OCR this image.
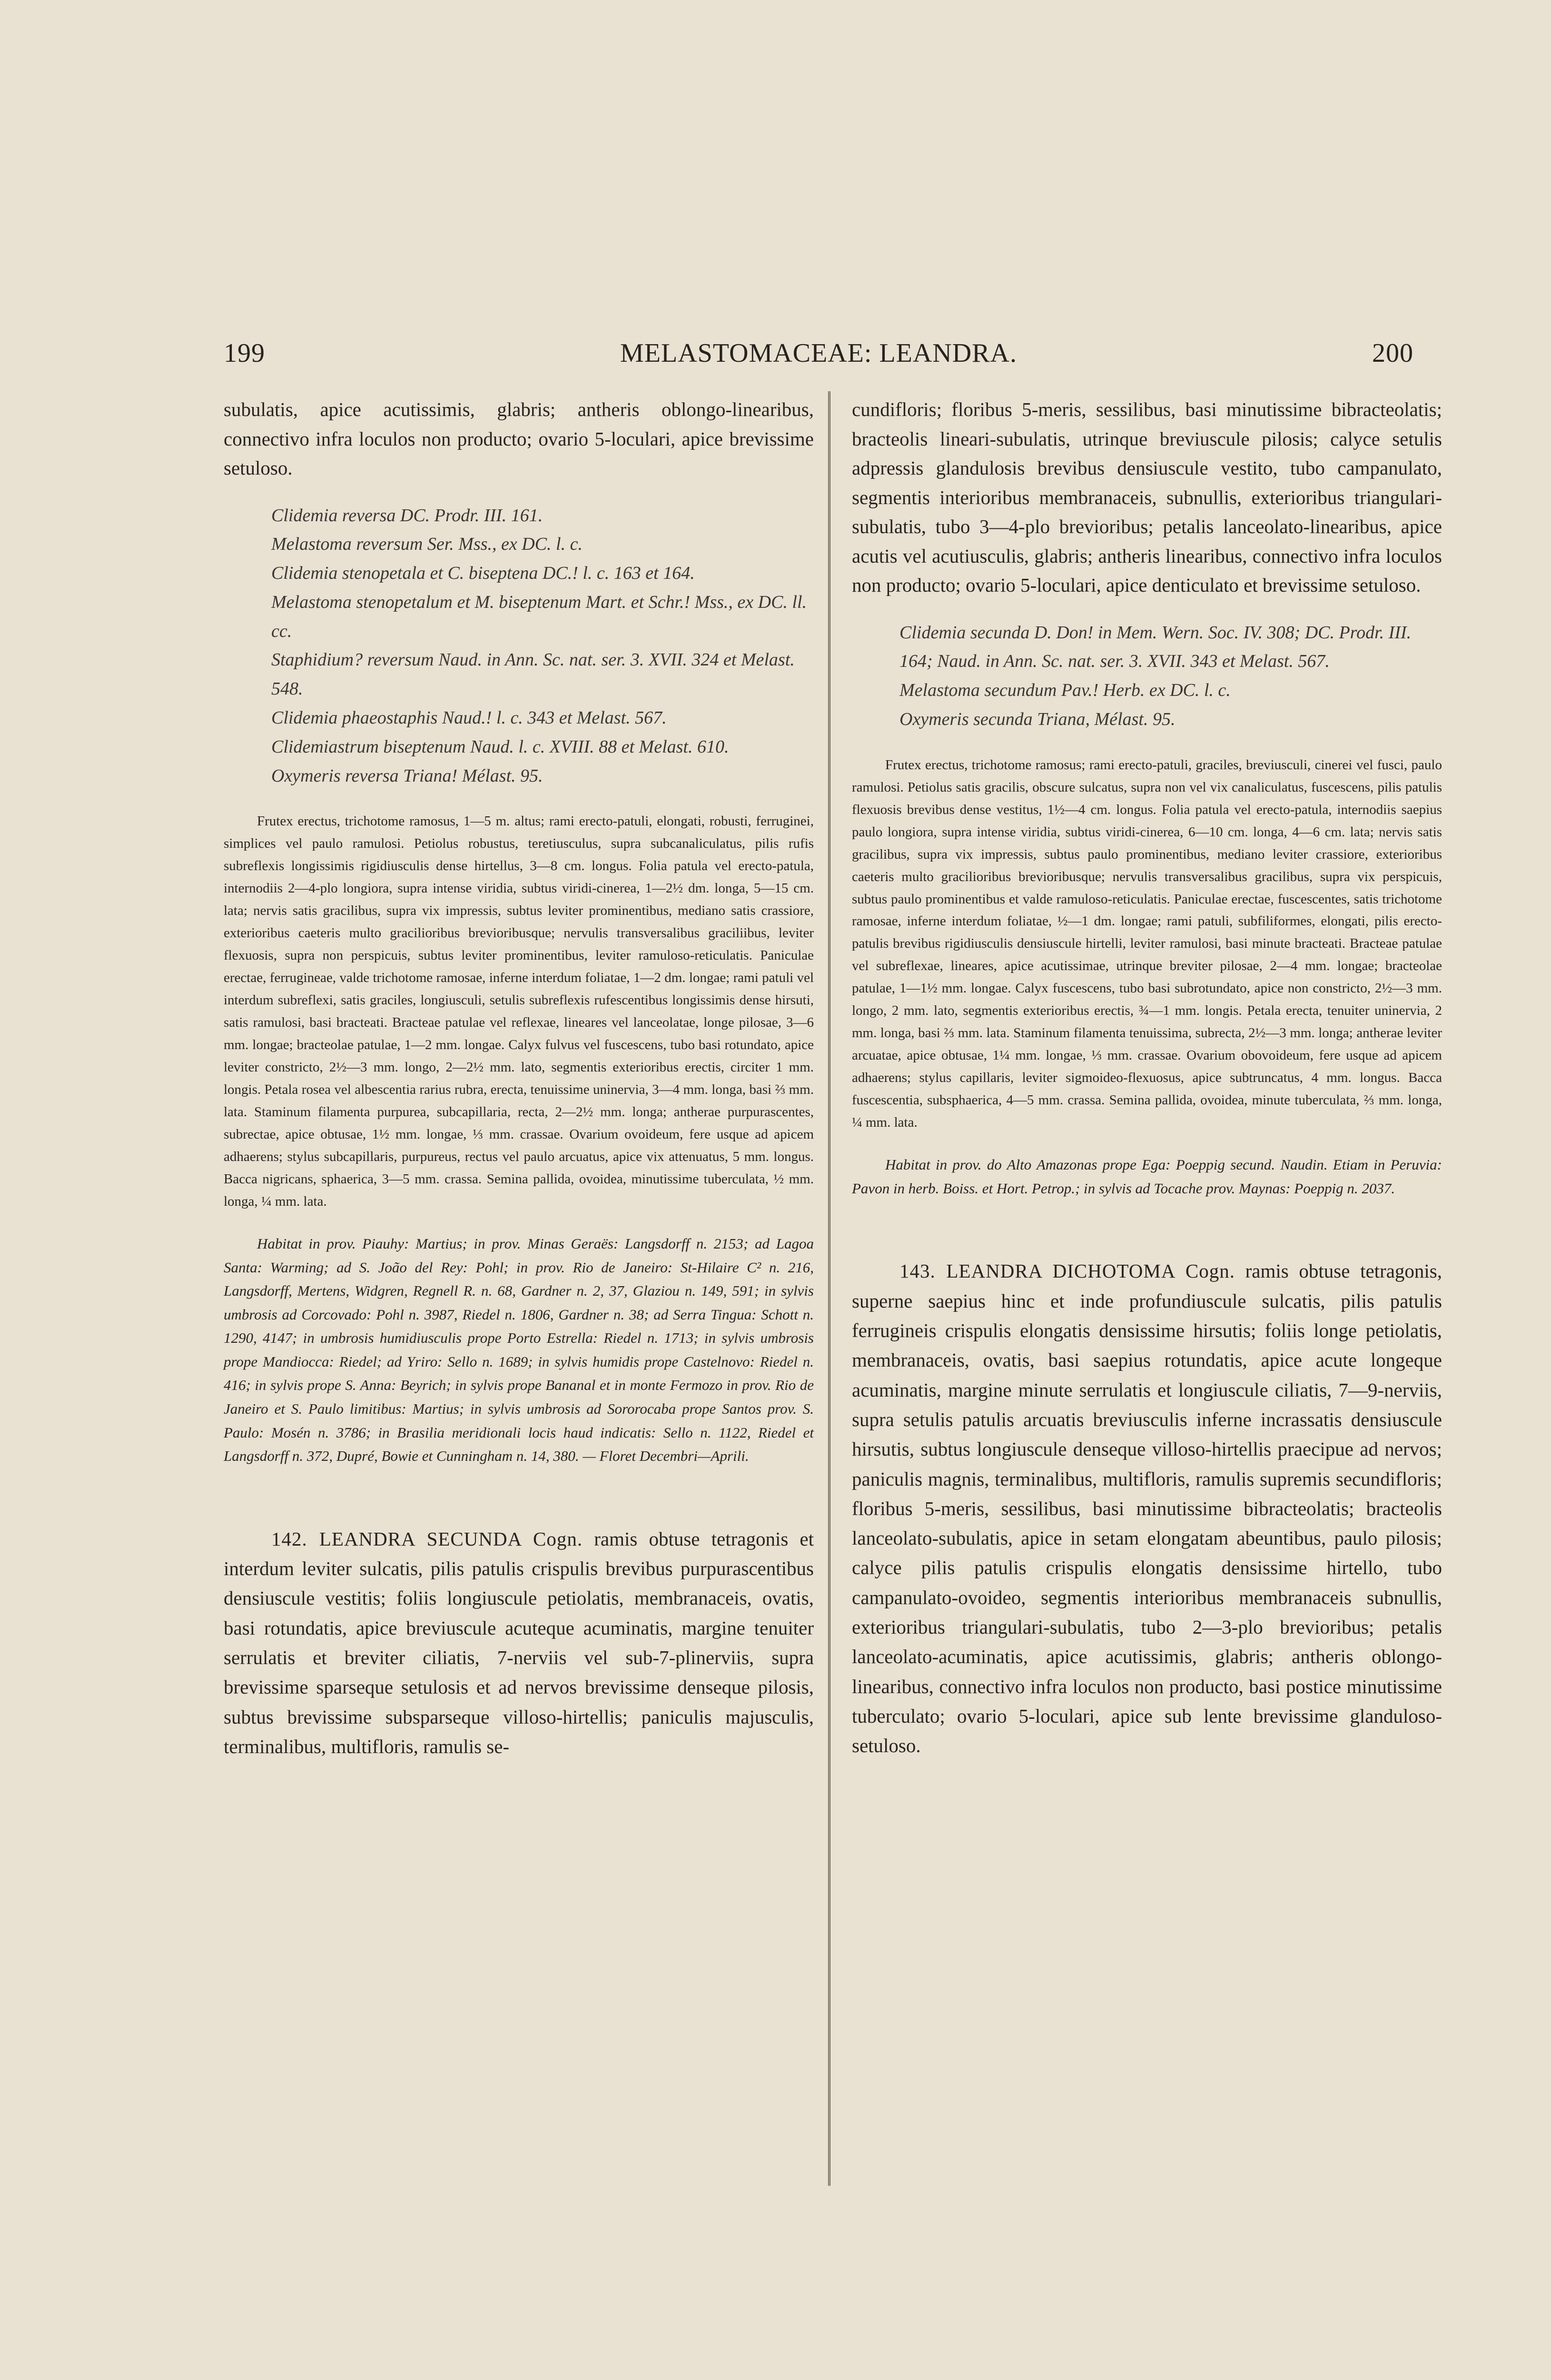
199	MELASTOMACEAE: LEANDRA.	200

subulatis, apice acutissimis, glabris; antheris oblongo-linearibus, connectivo infra loculos non producto; ovario 5-loculari, apice brevissime setuloso.

Clidemia reversa DC. Prodr. III. 161.

Melastoma reversum Ser. Mss., ex DC. l. c.

Clidemia stenopetala et C. biseptena DC.! l. c. 163 et 164.

Melastoma stenopetalum et M. biseptenum Mart. et Schr.! Mss., ex DC. ll. cc.

Staphidium? reversum Naud. in Ann. Sc. nat. ser. 3. XVII. 324 et Melast. 548.

Clidemia phaeostaphis Naud.! l. c. 343 et Melast. 567.

Clidemiastrum biseptenum Naud. l. c. XVIII. 88 et Melast. 610.

Oxymeris reversa Triana! Mélast. 95.

Frutex erectus, trichotome ramosus, 1—5 m. altus; rami erecto-patuli, elongati, robusti, ferruginei, simplices vel paulo ramulosi. Petiolus robustus, teretiusculus, supra subcanaliculatus, pilis rufis subreflexis longissimis rigidiusculis dense hirtellus, 3—8 cm. longus. Folia patula vel erecto-patula, internodiis 2—4-plo longiora, supra intense viridia, subtus viridi-cinerea, 1—2½ dm. longa, 5—15 cm. lata; nervis satis gracilibus, supra vix impressis, subtus leviter prominentibus, mediano satis crassiore, exterioribus caeteris multo gracilioribus brevioribusque; nervulis transversalibus graciliibus, leviter flexuosis, supra non perspicuis, subtus leviter prominentibus, leviter ramuloso-reticulatis. Paniculae erectae, ferrugineae, valde trichotome ramosae, inferne interdum foliatae, 1—2 dm. longae; rami patuli vel interdum subreflexi, satis graciles, longiusculi, setulis subreflexis rufescentibus longissimis dense hirsuti, satis ramulosi, basi bracteati. Bracteae patulae vel reflexae, lineares vel lanceolatae, longe pilosae, 3—6 mm. longae; bracteolae patulae, 1—2 mm. longae. Calyx fulvus vel fuscescens, tubo basi rotundato, apice leviter constricto, 2½—3 mm. longo, 2—2½ mm. lato, segmentis exterioribus erectis, circiter 1 mm. longis. Petala rosea vel albescentia rarius rubra, erecta, tenuissime uninervia, 3—4 mm. longa, basi ⅔ mm. lata. Staminum filamenta purpurea, subcapillaria, recta, 2—2½ mm. longa; antherae purpurascentes, subrectae, apice obtusae, 1½ mm. longae, ⅓ mm. crassae. Ovarium ovoideum, fere usque ad apicem adhaerens; stylus subcapillaris, purpureus, rectus vel paulo arcuatus, apice vix attenuatus, 5 mm. longus. Bacca nigricans, sphaerica, 3—5 mm. crassa. Semina pallida, ovoidea, minutissime tuberculata, ½ mm. longa, ¼ mm. lata.

Habitat in prov. Piauhy: Martius; in prov. Minas Geraës: Langsdorff n. 2153; ad Lagoa Santa: Warming; ad S. João del Rey: Pohl; in prov. Rio de Janeiro: St-Hilaire C² n. 216, Langsdorff, Mertens, Widgren, Regnell R. n. 68, Gardner n. 2, 37, Glaziou n. 149, 591; in sylvis umbrosis ad Corcovado: Pohl n. 3987, Riedel n. 1806, Gardner n. 38; ad Serra Tingua: Schott n. 1290, 4147; in umbrosis humidiusculis prope Porto Estrella: Riedel n. 1713; in sylvis umbrosis prope Mandiocca: Riedel; ad Yriro: Sello n. 1689; in sylvis humidis prope Castelnovo: Riedel n. 416; in sylvis prope S. Anna: Beyrich; in sylvis prope Bananal et in monte Fermozo in prov. Rio de Janeiro et S. Paulo limitibus: Martius; in sylvis umbrosis ad Sororocaba prope Santos prov. S. Paulo: Mosén n. 3786; in Brasilia meridionali locis haud indicatis: Sello n. 1122, Riedel et Langsdorff n. 372, Dupré, Bowie et Cunningham n. 14, 380. — Floret Decembri—Aprili.

142. LEANDRA SECUNDA Cogn. ramis obtuse tetragonis et interdum leviter sulcatis, pilis patulis crispulis brevibus purpurascentibus densiuscule vestitis; foliis longiuscule petiolatis, membranaceis, ovatis, basi rotundatis, apice breviuscule acuteque acuminatis, margine tenuiter serrulatis et breviter ciliatis, 7-nerviis vel sub-7-plinerviis, supra brevissime sparseque setulosis et ad nervos brevissime denseque pilosis, subtus brevissime subsparseque villoso-hirtellis; paniculis majusculis, terminalibus, multifloris, ramulis se-

cundifloris; floribus 5-meris, sessilibus, basi minutissime bibracteolatis; bracteolis lineari-subulatis, utrinque breviuscule pilosis; calyce setulis adpressis glandulosis brevibus densiuscule vestito, tubo campanulato, segmentis interioribus membranaceis, subnullis, exterioribus triangulari-subulatis, tubo 3—4-plo brevioribus; petalis lanceolato-linearibus, apice acutis vel acutiusculis, glabris; antheris linearibus, connectivo infra loculos non producto; ovario 5-loculari, apice denticulato et brevissime setuloso.

Clidemia secunda D. Don! in Mem. Wern. Soc. IV. 308; DC. Prodr. III. 164; Naud. in Ann. Sc. nat. ser. 3. XVII. 343 et Melast. 567.

Melastoma secundum Pav.! Herb. ex DC. l. c.

Oxymeris secunda Triana, Mélast. 95.

Frutex erectus, trichotome ramosus; rami erecto-patuli, graciles, breviusculi, cinerei vel fusci, paulo ramulosi. Petiolus satis gracilis, obscure sulcatus, supra non vel vix canaliculatus, fuscescens, pilis patulis flexuosis brevibus dense vestitus, 1½—4 cm. longus. Folia patula vel erecto-patula, internodiis saepius paulo longiora, supra intense viridia, subtus viridi-cinerea, 6—10 cm. longa, 4—6 cm. lata; nervis satis gracilibus, supra vix impressis, subtus paulo prominentibus, mediano leviter crassiore, exterioribus caeteris multo gracilioribus brevioribusque; nervulis transversalibus gracilibus, supra vix perspicuis, subtus paulo prominentibus et valde ramuloso-reticulatis. Paniculae erectae, fuscescentes, satis trichotome ramosae, inferne interdum foliatae, ½—1 dm. longae; rami patuli, subfiliformes, elongati, pilis erecto-patulis brevibus rigidiusculis densiuscule hirtelli, leviter ramulosi, basi minute bracteati. Bracteae patulae vel subreflexae, lineares, apice acutissimae, utrinque breviter pilosae, 2—4 mm. longae; bracteolae patulae, 1—1½ mm. longae. Calyx fuscescens, tubo basi subrotundato, apice non constricto, 2½—3 mm. longo, 2 mm. lato, segmentis exterioribus erectis, ¾—1 mm. longis. Petala erecta, tenuiter uninervia, 2 mm. longa, basi ⅔ mm. lata. Staminum filamenta tenuissima, subrecta, 2½—3 mm. longa; antherae leviter arcuatae, apice obtusae, 1¼ mm. longae, ⅓ mm. crassae. Ovarium obovoideum, fere usque ad apicem adhaerens; stylus capillaris, leviter sigmoideo-flexuosus, apice subtruncatus, 4 mm. longus. Bacca fuscescentia, subsphaerica, 4—5 mm. crassa. Semina pallida, ovoidea, minute tuberculata, ⅔ mm. longa, ¼ mm. lata.

Habitat in prov. do Alto Amazonas prope Ega: Poeppig secund. Naudin. Etiam in Peruvia: Pavon in herb. Boiss. et Hort. Petrop.; in sylvis ad Tocache prov. Maynas: Poeppig n. 2037.

143. LEANDRA DICHOTOMA Cogn. ramis obtuse tetragonis, superne saepius hinc et inde profundiuscule sulcatis, pilis patulis ferrugineis crispulis elongatis densissime hirsutis; foliis longe petiolatis, membranaceis, ovatis, basi saepius rotundatis, apice acute longeque acuminatis, margine minute serrulatis et longiuscule ciliatis, 7—9-nerviis, supra setulis patulis arcuatis breviusculis inferne incrassatis densiuscule hirsutis, subtus longiuscule denseque villoso-hirtellis praecipue ad nervos; paniculis magnis, terminalibus, multifloris, ramulis supremis secundifloris; floribus 5-meris, sessilibus, basi minutissime bibracteolatis; bracteolis lanceolato-subulatis, apice in setam elongatam abeuntibus, paulo pilosis; calyce pilis patulis crispulis elongatis densissime hirtello, tubo campanulato-ovoideo, segmentis interioribus membranaceis subnullis, exterioribus triangulari-subulatis, tubo 2—3-plo brevioribus; petalis lanceolato-acuminatis, apice acutissimis, glabris; antheris oblongo-linearibus, connectivo infra loculos non producto, basi postice minutissime tuberculato; ovario 5-loculari, apice sub lente brevissime glanduloso-setuloso.
